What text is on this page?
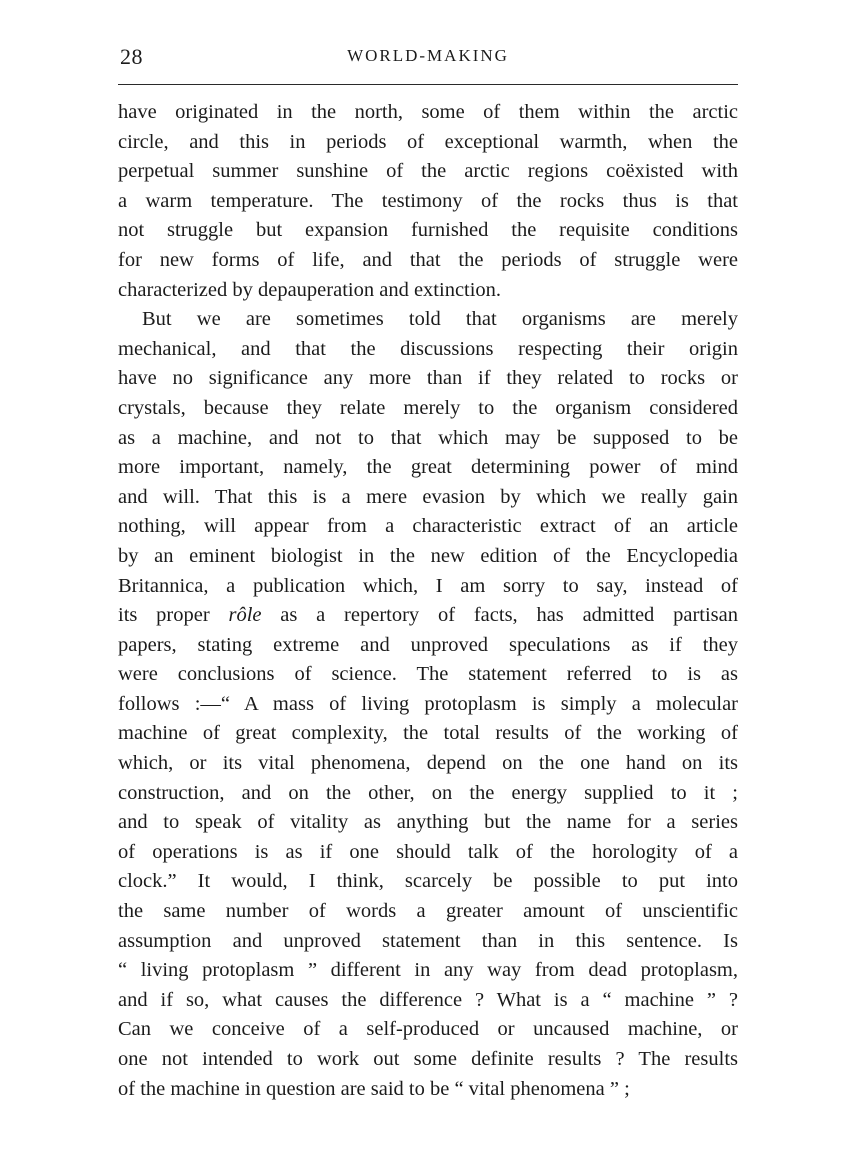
28	WORLD-MAKING
have originated in the north, some of them within the arctic
circle, and this in periods of exceptional warmth, when the
perpetual summer sunshine of the arctic regions coëxisted with
a warm temperature. The testimony of the rocks thus is that
not struggle but expansion furnished the requisite conditions
for new forms of life, and that the periods of struggle were
characterized by depauperation and extinction.
But we are sometimes told that organisms are merely
mechanical, and that the discussions respecting their origin
have no significance any more than if they related to rocks or
crystals, because they relate merely to the organism considered
as a machine, and not to that which may be supposed to be
more important, namely, the great determining power of mind
and will. That this is a mere evasion by which we really gain
nothing, will appear from a characteristic extract of an article
by an eminent biologist in the new edition of the Encyclopedia
Britannica, a publication which, I am sorry to say, instead of
its proper rôle as a repertory of facts, has admitted partisan
papers, stating extreme and unproved speculations as if they
were conclusions of science. The statement referred to is as
follows :—“ A mass of living protoplasm is simply a molecular
machine of great complexity, the total results of the working of
which, or its vital phenomena, depend on the one hand on its
construction, and on the other, on the energy supplied to it ;
and to speak of vitality as anything but the name for a series
of operations is as if one should talk of the horologity of a
clock.” It would, I think, scarcely be possible to put into
the same number of words a greater amount of unscientific
assumption and unproved statement than in this sentence. Is
“ living protoplasm ” different in any way from dead protoplasm,
and if so, what causes the difference ? What is a “ machine ” ?
Can we conceive of a self-produced or uncaused machine, or
one not intended to work out some definite results ? The results
of the machine in question are said to be “ vital phenomena ” ;
